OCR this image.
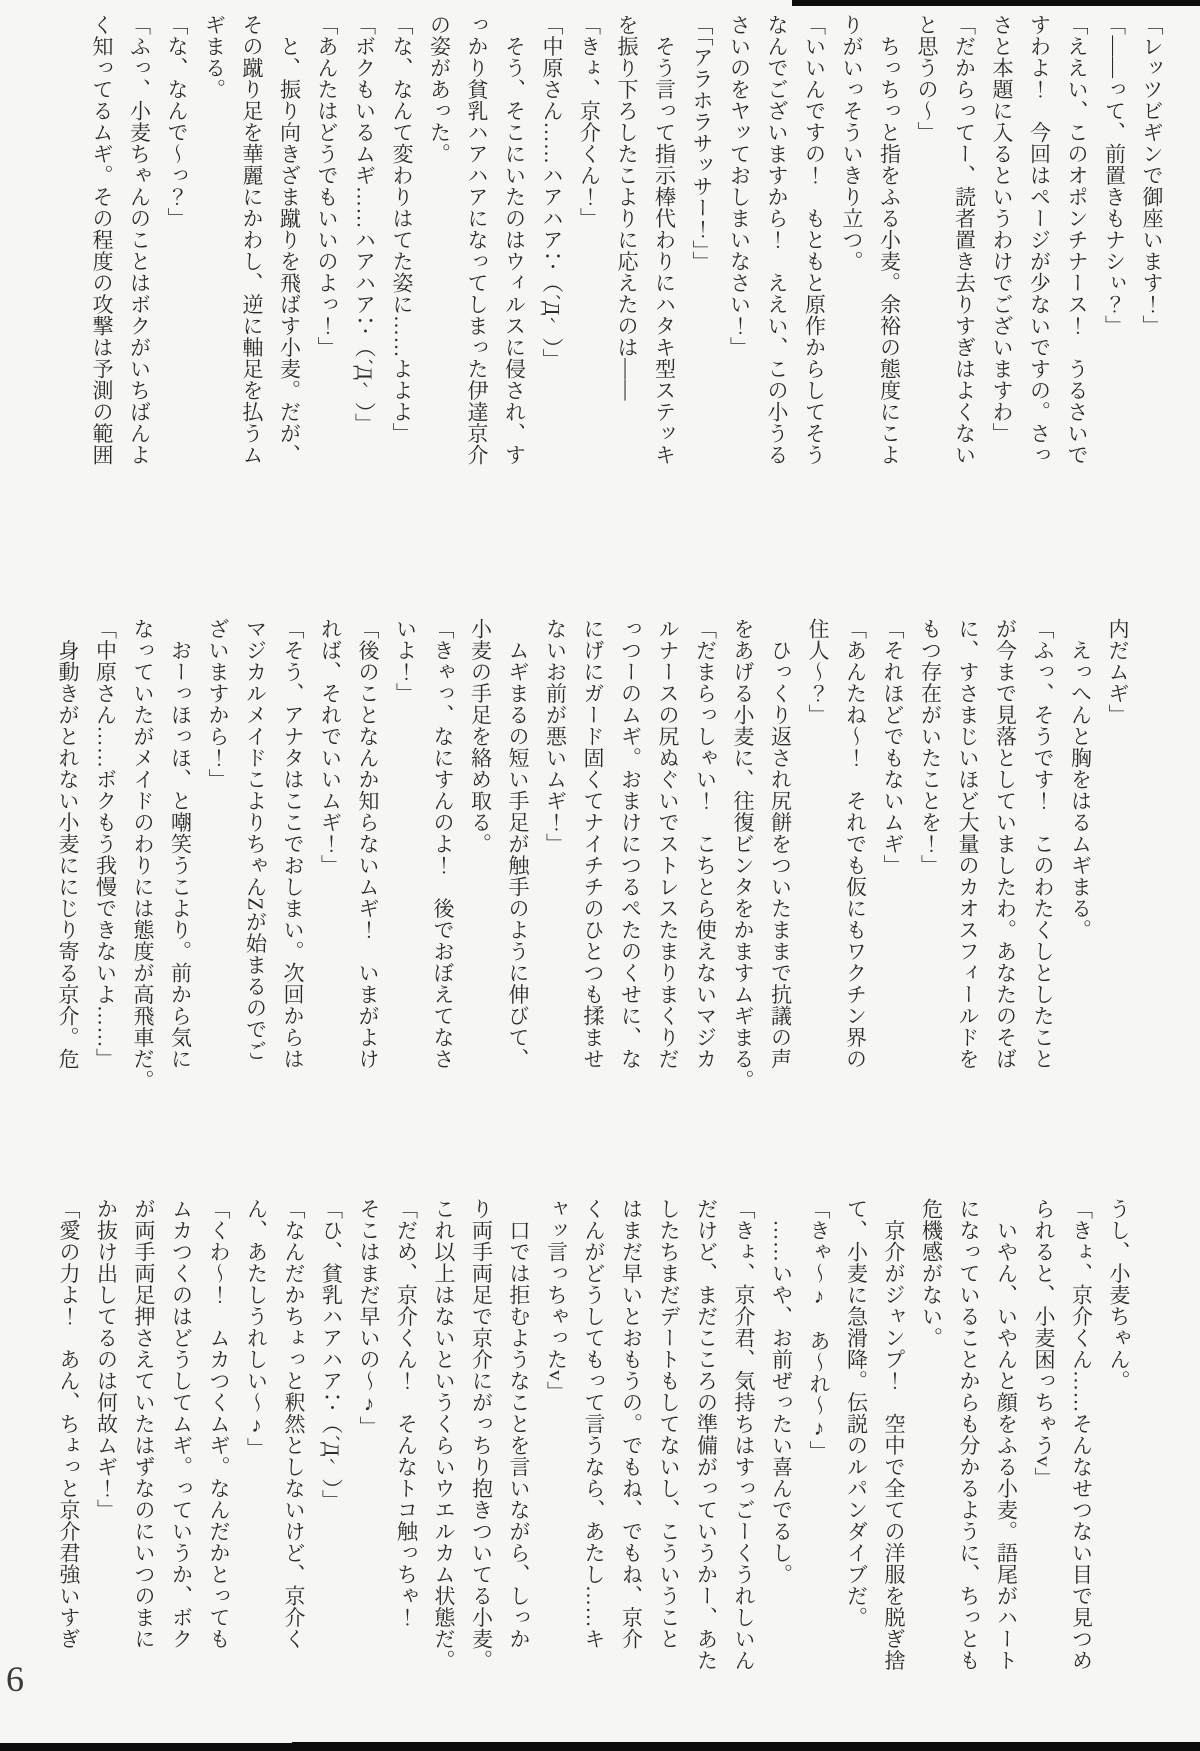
「レッツビギンで御座います！」
「――って、前置きもナシぃ？」
「ええい、このオポンチナース！　うるさいで
すわよ！　今回はページが少ないですの。さっ
さと本題に入るというわけでございますわ」
「だからってー、読者置き去りすぎはよくない
と思うの〜」
　ちっちっと指をふる小麦。余裕の態度にこよ
りがいっそういきり立つ。
「いいんですの！　もともと原作からしてそう
なんでございますから！　ええい、この小うる
さいのをヤッておしまいなさい！」
「「アラホラサッサー！」」
　そう言って指示棒代わりにハタキ型ステッキ
を振り下ろしたこよりに応えたのは――
「きょ、京介くん！」
「中原さん……ハアハア∵（´Д｀）」
　そう、そこにいたのはウィルスに侵され、す
っかり貧乳ハアハアになってしまった伊達京介
の姿があった。
「な、なんて変わりはてた姿に……よよよ」
「ボクもいるムギ……ハアハア∵（´Д｀）」
「あんたはどうでもいいのよっ！」
　と、振り向きざま蹴りを飛ばす小麦。だが、
その蹴り足を華麗にかわし、逆に軸足を払うム
ギまる。
「な、なんで〜っ？」
「ふっ、小麦ちゃんのことはボクがいちばんよ
く知ってるムギ。その程度の攻撃は予測の範囲
内だムギ」
　えっへんと胸をはるムギまる。
「ふっ、そうです！　このわたくしとしたこと
が今まで見落としていましたわ。あなたのそば
に、すさまじいほど大量のカオスフィールドを
もつ存在がいたことを！」
「それほどでもないムギ」
「あんたね〜！　それでも仮にもワクチン界の
住人〜？」
　ひっくり返され尻餅をついたままで抗議の声
をあげる小麦に、往復ビンタをかますムギまる。
「だまらっしゃい！　こちとら使えないマジカ
ルナースの尻ぬぐいでストレスたまりまくりだ
っつーのムギ。おまけにつるぺたのくせに、な
にげにガード固くてナイチチのひとつも揉ませ
ないお前が悪いムギ！」
　ムギまるの短い手足が触手のように伸びて、
小麦の手足を絡め取る。
「きゃっ、なにすんのよ！　後でおぼえてなさ
いよ！」
「後のことなんか知らないムギ！　いまがよけ
れば、それでいいムギ！」
「そう、アナタはここでおしまい。次回からは
マジカルメイドこよりちゃんZが始まるのでご
ざいますから！」
　おーっほっほ、と嘲笑うこより。前から気に
なっていたがメイドのわりには態度が高飛車だ。
「中原さん……ボクもう我慢できないよ……」
　身動きがとれない小麦ににじり寄る京介。危
うし、小麦ちゃん。
「きょ、京介くん……そんなせつない目で見つめ
られると、小麦困っちゃうv」
　いやん、いやんと顔をふる小麦。語尾がハート
になっていることからも分かるように、ちっとも
危機感がない。
　京介がジャンプ！　空中で全ての洋服を脱ぎ捨
て、小麦に急滑降。伝説のルパンダイブだ。
「きゃ〜♪　あ〜れ〜♪」
　……いや、お前ぜったい喜んでるし。
「きょ、京介君、気持ちはすっごーくうれしいん
だけど、まだこころの準備がっていうかー、あた
したちまだデートもしてないし、こういうこと
はまだ早いとおもうの。でもね、でもね、京介
くんがどうしてもって言うなら、あたし……キ
ャッ言っちゃったv」
　口では拒むようなことを言いながら、しっか
り両手両足で京介にがっちり抱きついてる小麦。
これ以上はないというくらいウエルカム状態だ。
「だめ、京介くん！　そんなトコ触っちゃ！
そこはまだ早いの〜♪」
「ひ、貧乳ハアハア∵（´Д｀）」
「なんだかちょっと釈然としないけど、京介く
ん、あたしうれしい〜♪」
「くわ〜！　ムカつくムギ。なんだかとっても
ムカつくのはどうしてムギ。っていうか、ボク
が両手両足押さえていたはずなのにいつのまに
か抜け出してるのは何故ムギ！」
「愛の力よ！　あん、ちょっと京介君強いすぎ
6
